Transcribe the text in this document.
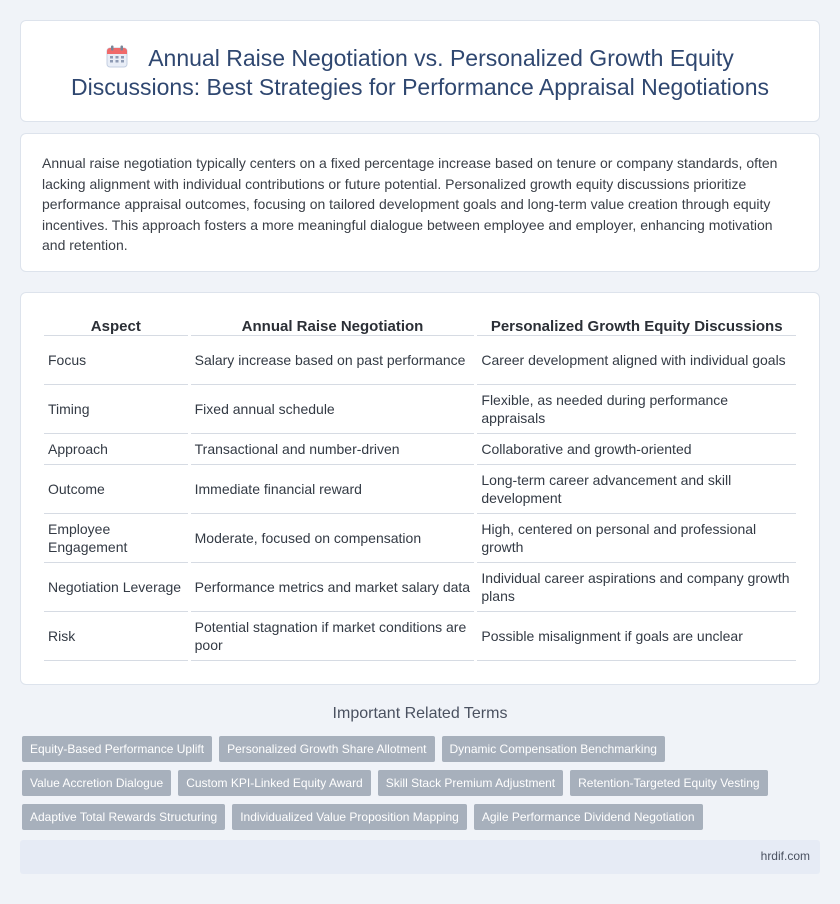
Annual Raise Negotiation vs. Personalized Growth Equity Discussions: Best Strategies for Performance Appraisal Negotiations

Annual raise negotiation typically centers on a fixed percentage increase based on tenure or company standards, often lacking alignment with individual contributions or future potential. Personalized growth equity discussions prioritize performance appraisal outcomes, focusing on tailored development goals and long-term value creation through equity incentives. This approach fosters a more meaningful dialogue between employee and employer, enhancing motivation and retention.

Aspect	Annual Raise Negotiation	Personalized Growth Equity Discussions
Focus	Salary increase based on past performance	Career development aligned with individual goals
Timing	Fixed annual schedule	Flexible, as needed during performance appraisals
Approach	Transactional and number-driven	Collaborative and growth-oriented
Outcome	Immediate financial reward	Long-term career advancement and skill development
Employee Engagement	Moderate, focused on compensation	High, centered on personal and professional growth
Negotiation Leverage	Performance metrics and market salary data	Individual career aspirations and company growth plans
Risk	Potential stagnation if market conditions are poor	Possible misalignment if goals are unclear
Important Related Terms
Equity-Based Performance Uplift	Personalized Growth Share Allotment	Dynamic Compensation Benchmarking
Value Accretion Dialogue	Custom KPI-Linked Equity Award	Skill Stack Premium Adjustment	Retention-Targeted Equity Vesting
Adaptive Total Rewards Structuring	Individualized Value Proposition Mapping	Agile Performance Dividend Negotiation
hrdif.com
